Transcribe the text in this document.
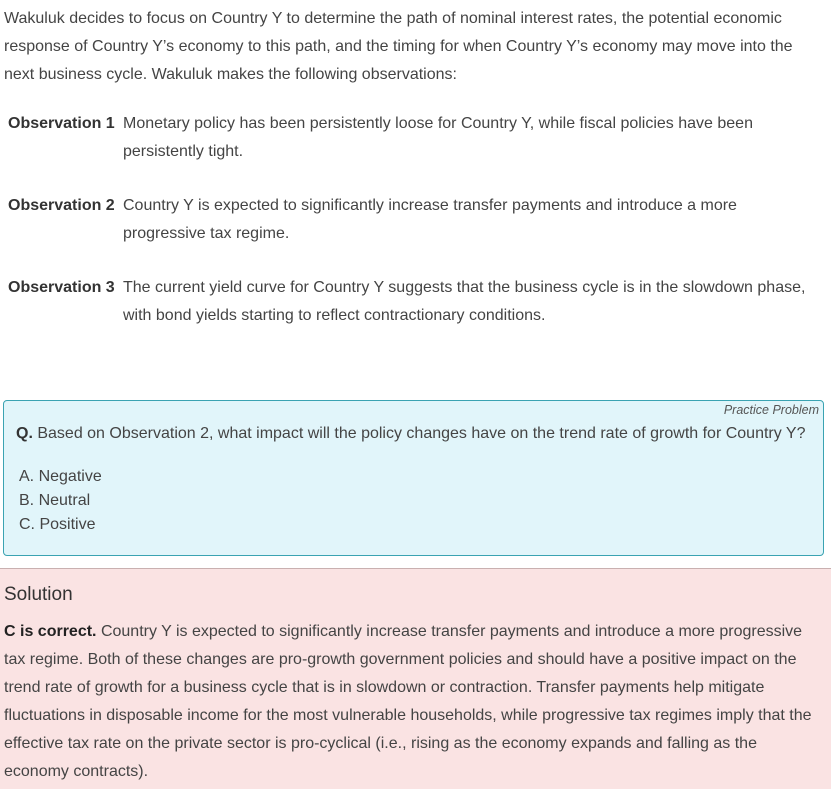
Wakuluk decides to focus on Country Y to determine the path of nominal interest rates, the potential economic response of Country Y’s economy to this path, and the timing for when Country Y’s economy may move into the next business cycle. Wakuluk makes the following observations:

Observation 1 Monetary policy has been persistently loose for Country Y, while fiscal policies have been persistently tight.
Observation 2 Country Y is expected to significantly increase transfer payments and introduce a more progressive tax regime.
Observation 3 The current yield curve for Country Y suggests that the business cycle is in the slowdown phase, with bond yields starting to reflect contractionary conditions.
Practice Problem
Q. Based on Observation 2, what impact will the policy changes have on the trend rate of growth for Country Y?
A. Negative
B. Neutral
C. Positive
Solution

C is correct. Country Y is expected to significantly increase transfer payments and introduce a more progressive tax regime. Both of these changes are pro-growth government policies and should have a positive impact on the trend rate of growth for a business cycle that is in slowdown or contraction. Transfer payments help mitigate fluctuations in disposable income for the most vulnerable households, while progressive tax regimes imply that the effective tax rate on the private sector is pro-cyclical (i.e., rising as the economy expands and falling as the economy contracts).
